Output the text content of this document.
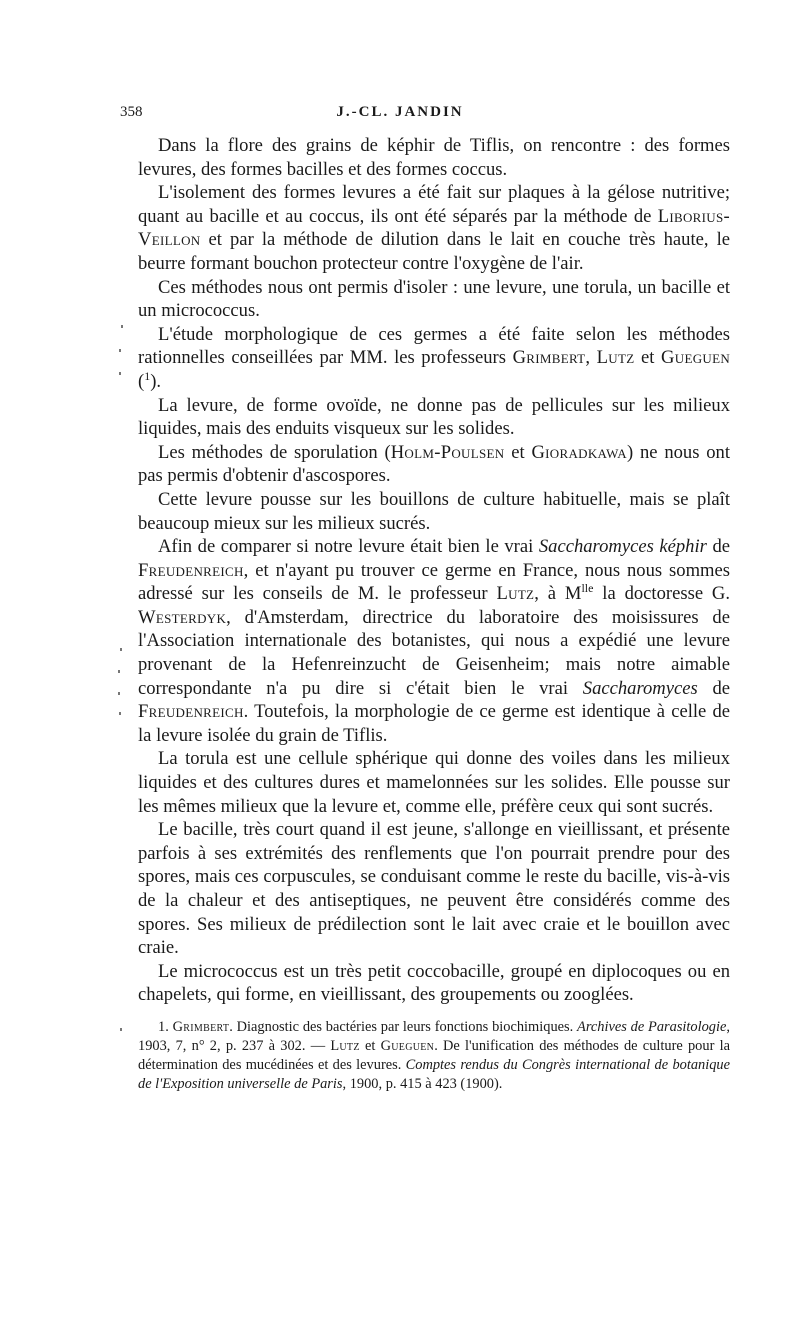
358	J.-CL. JANDIN

Dans la flore des grains de képhir de Tiflis, on rencontre : des formes levures, des formes bacilles et des formes coccus.

L'isolement des formes levures a été fait sur plaques à la gélose nutritive; quant au bacille et au coccus, ils ont été séparés par la méthode de Liborius-Veillon et par la méthode de dilution dans le lait en couche très haute, le beurre formant bouchon protecteur contre l'oxygène de l'air.

Ces méthodes nous ont permis d'isoler : une levure, une torula, un bacille et un micrococcus.

L'étude morphologique de ces germes a été faite selon les méthodes rationnelles conseillées par MM. les professeurs Grimbert, Lutz et Gueguen ($^1$).

La levure, de forme ovoïde, ne donne pas de pellicules sur les milieux liquides, mais des enduits visqueux sur les solides.

Les méthodes de sporulation (Holm-Poulsen et Gioradkawa) ne nous ont pas permis d'obtenir d'ascospores.

Cette levure pousse sur les bouillons de culture habituelle, mais se plaît beaucoup mieux sur les milieux sucrés.

Afin de comparer si notre levure était bien le vrai Saccharomyces képhir de Freudenreich, et n'ayant pu trouver ce germe en France, nous nous sommes adressé sur les conseils de M. le professeur Lutz, à M$^{lle}$ la doctoresse G. Westerdyk, d'Amsterdam, directrice du laboratoire des moisissures de l'Association internationale des botanistes, qui nous a expédié une levure provenant de la Hefenreinzucht de Geisenheim; mais notre aimable correspondante n'a pu dire si c'était bien le vrai Saccharomyces de Freudenreich. Toutefois, la morphologie de ce germe est identique à celle de la levure isolée du grain de Tiflis.

La torula est une cellule sphérique qui donne des voiles dans les milieux liquides et des cultures dures et mamelonnées sur les solides. Elle pousse sur les mêmes milieux que la levure et, comme elle, préfère ceux qui sont sucrés.

Le bacille, très court quand il est jeune, s'allonge en vieillissant, et présente parfois à ses extrémités des renflements que l'on pourrait prendre pour des spores, mais ces corpuscules, se conduisant comme le reste du bacille, vis-à-vis de la chaleur et des antiseptiques, ne peuvent être considérés comme des spores. Ses milieux de prédilection sont le lait avec craie et le bouillon avec craie.

Le micrococcus est un très petit coccobacille, groupé en diplocoques ou en chapelets, qui forme, en vieillissant, des groupements ou zooglées.

1. Grimbert. Diagnostic des bactéries par leurs fonctions biochimiques. Archives de Parasitologie, 1903, 7, n° 2, p. 237 à 302. — Lutz et Gueguen. De l'unification des méthodes de culture pour la détermination des mucédinées et des levures. Comptes rendus du Congrès international de botanique de l'Exposition universelle de Paris, 1900, p. 415 à 423 (1900).
